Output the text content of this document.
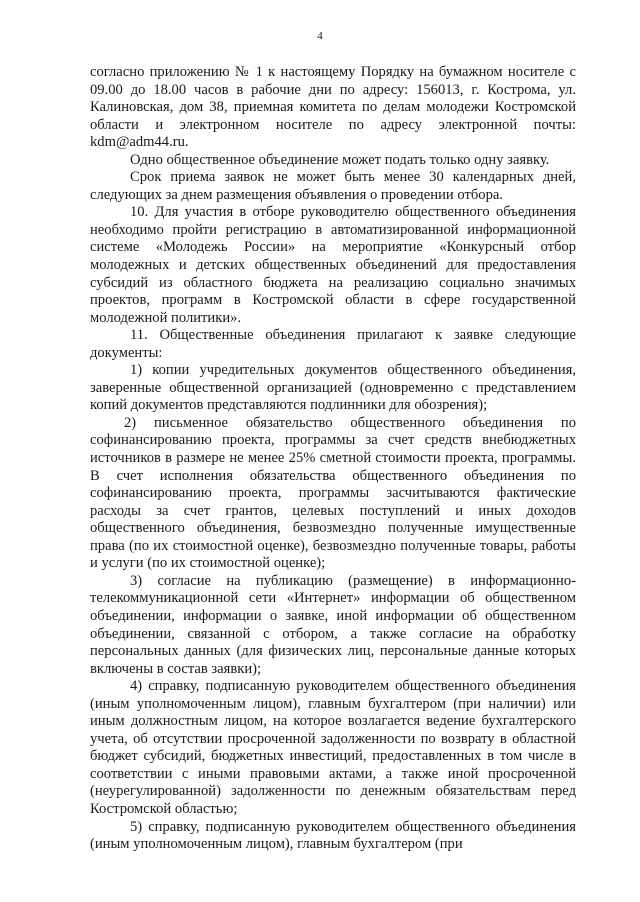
4

согласно приложению № 1 к настоящему Порядку на бумажном носителе с 09.00 до 18.00 часов в рабочие дни по адресу: 156013, г. Кострома, ул. Калиновская, дом 38, приемная комитета по делам молодежи Костромской области и электронном носителе по адресу электронной почты: kdm@adm44.ru.

Одно общественное объединение может подать только одну заявку.

Срок приема заявок не может быть менее 30 календарных дней, следующих за днем размещения объявления о проведении отбора.

10. Для участия в отборе руководителю общественного объединения необходимо пройти регистрацию в автоматизированной информационной системе «Молодежь России» на мероприятие «Конкурсный отбор молодежных и детских общественных объединений для предоставления субсидий из областного бюджета на реализацию социально значимых проектов, программ в Костромской области в сфере государственной молодежной политики».

11. Общественные объединения прилагают к заявке следующие документы:

1) копии учредительных документов общественного объединения, заверенные общественной организацией (одновременно с представлением копий документов представляются подлинники для обозрения);

2) письменное обязательство общественного объединения по софинансированию проекта, программы за счет средств внебюджетных источников в размере не менее 25% сметной стоимости проекта, программы. В счет исполнения обязательства общественного объединения по софинансированию проекта, программы засчитываются фактические расходы за счет грантов, целевых поступлений и иных доходов общественного объединения, безвозмездно полученные имущественные права (по их стоимостной оценке), безвозмездно полученные товары, работы и услуги (по их стоимостной оценке);

3) согласие на публикацию (размещение) в информационно-телекоммуникационной сети «Интернет» информации об общественном объединении, информации о заявке, иной информации об общественном объединении, связанной с отбором, а также согласие на обработку персональных данных (для физических лиц, персональные данные которых включены в состав заявки);

4) справку, подписанную руководителем общественного объединения (иным уполномоченным лицом), главным бухгалтером (при наличии) или иным должностным лицом, на которое возлагается ведение бухгалтерского учета, об отсутствии просроченной задолженности по возврату в областной бюджет субсидий, бюджетных инвестиций, предоставленных в том числе в соответствии с иными правовыми актами, а также иной просроченной (неурегулированной) задолженности по денежным обязательствам перед Костромской областью;

5) справку, подписанную руководителем общественного объединения (иным уполномоченным лицом), главным бухгалтером (при
